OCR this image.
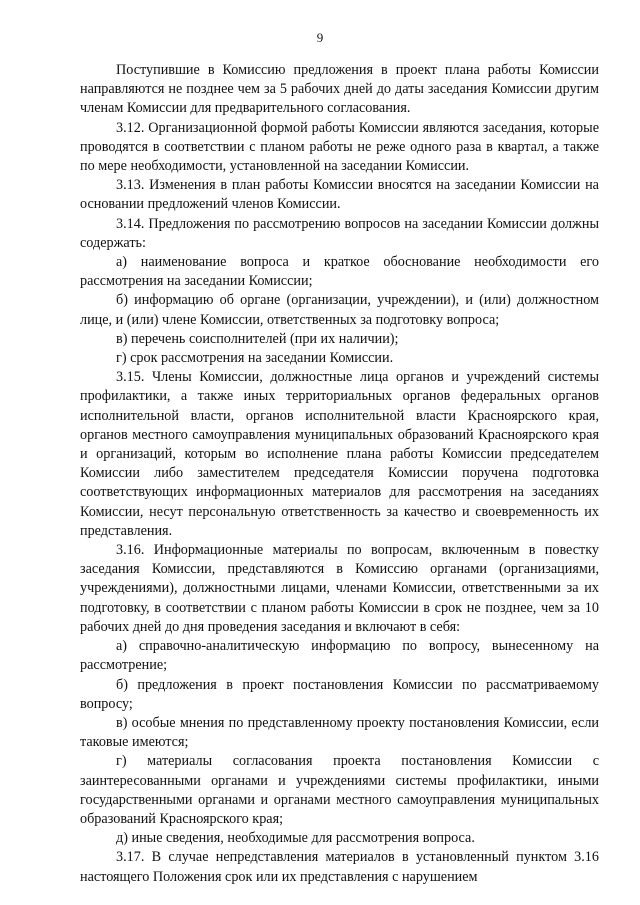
9

Поступившие в Комиссию предложения в проект плана работы Комиссии направляются не позднее чем за 5 рабочих дней до даты заседания Комиссии другим членам Комиссии для предварительного согласования.

3.12. Организационной формой работы Комиссии являются заседания, которые проводятся в соответствии с планом работы не реже одного раза в квартал, а также по мере необходимости, установленной на заседании Комиссии.

3.13. Изменения в план работы Комиссии вносятся на заседании Комиссии на основании предложений членов Комиссии.

3.14. Предложения по рассмотрению вопросов на заседании Комиссии должны содержать:

а) наименование вопроса и краткое обоснование необходимости его рассмотрения на заседании Комиссии;

б) информацию об органе (организации, учреждении), и (или) должностном лице, и (или) члене Комиссии, ответственных за подготовку вопроса;

в) перечень соисполнителей (при их наличии);

г) срок рассмотрения на заседании Комиссии.

3.15. Члены Комиссии, должностные лица органов и учреждений системы профилактики, а также иных территориальных органов федеральных органов исполнительной власти, органов исполнительной власти Красноярского края, органов местного самоуправления муниципальных образований Красноярского края и организаций, которым во исполнение плана работы Комиссии председателем Комиссии либо заместителем председателя Комиссии поручена подготовка соответствующих информационных материалов для рассмотрения на заседаниях Комиссии, несут персональную ответственность за качество и своевременность их представления.

3.16. Информационные материалы по вопросам, включенным в повестку заседания Комиссии, представляются в Комиссию органами (организациями, учреждениями), должностными лицами, членами Комиссии, ответственными за их подготовку, в соответствии с планом работы Комиссии в срок не позднее, чем за 10 рабочих дней до дня проведения заседания и включают в себя:

а) справочно-аналитическую информацию по вопросу, вынесенному на рассмотрение;

б) предложения в проект постановления Комиссии по рассматриваемому вопросу;

в) особые мнения по представленному проекту постановления Комиссии, если таковые имеются;

г) материалы согласования проекта постановления Комиссии с заинтересованными органами и учреждениями системы профилактики, иными государственными органами и органами местного самоуправления муниципальных образований Красноярского края;

д) иные сведения, необходимые для рассмотрения вопроса.

3.17. В случае непредставления материалов в установленный пунктом 3.16 настоящего Положения срок или их представления с нарушением
